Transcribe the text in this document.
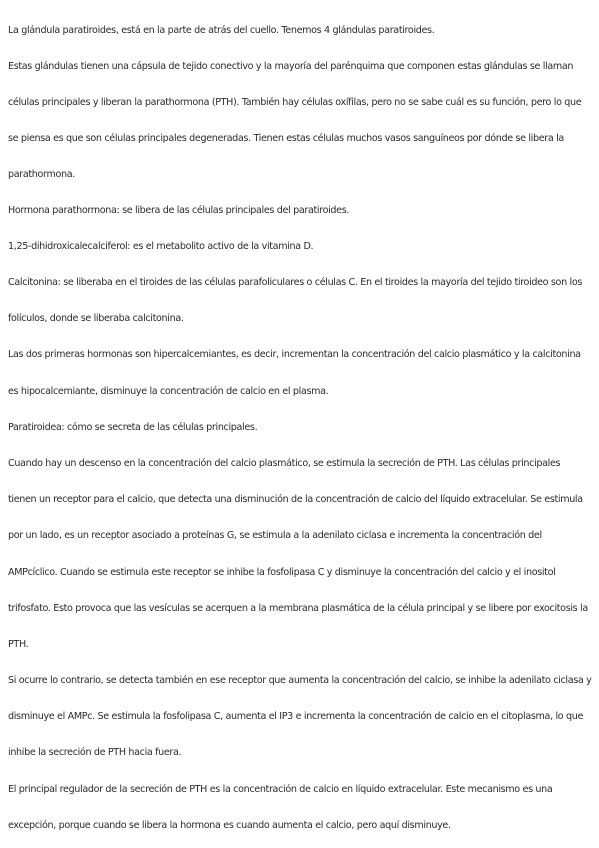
La glándula paratiroides, está en la parte de atrás del cuello. Tenemos 4 glándulas paratiroides.
Estas glándulas tienen una cápsula de tejido conectivo y la mayoría del parénquima que componen estas glándulas se llaman
células principales y liberan la parathormona (PTH). También hay células oxífilas, pero no se sabe cuál es su función, pero lo que
se piensa es que son células principales degeneradas. Tienen estas células muchos vasos sanguíneos por dónde se libera la
parathormona.
Hormona parathormona: se libera de las células principales del paratiroides.
1,25-dihidroxicalecalciferol: es el metabolito activo de la vitamina D.
Calcitonina: se liberaba en el tiroides de las células parafoliculares o células C. En el tiroides la mayoría del tejido tiroideo son los
folículos, donde se liberaba calcitonina.
Las dos primeras hormonas son hipercalcemiantes, es decir, incrementan la concentración del calcio plasmático y la calcitonina
es hipocalcemiante, disminuye la concentración de calcio en el plasma.
Paratiroidea: cómo se secreta de las células principales.
Cuando hay un descenso en la concentración del calcio plasmático, se estimula la secreción de PTH. Las células principales
tienen un receptor para el calcio, que detecta una disminución de la concentración de calcio del líquido extracelular. Se estimula
por un lado, es un receptor asociado a proteínas G, se estimula a la adenilato ciclasa e incrementa la concentración del
AMPcíclico. Cuando se estimula este receptor se inhibe la fosfolipasa C y disminuye la concentración del calcio y el inositol
trifosfato. Esto provoca que las vesículas se acerquen a la membrana plasmática de la célula principal y se libere por exocitosis la
PTH.
Si ocurre lo contrario, se detecta también en ese receptor que aumenta la concentración del calcio, se inhibe la adenilato ciclasa y
disminuye el AMPc. Se estimula la fosfolipasa C, aumenta el IP3 e incrementa la concentración de calcio en el citoplasma, lo que
inhibe la secreción de PTH hacia fuera.
El principal regulador de la secreción de PTH es la concentración de calcio en líquido extracelular. Este mecanismo es una
excepción, porque cuando se libera la hormona es cuando aumenta el calcio, pero aquí disminuye.
